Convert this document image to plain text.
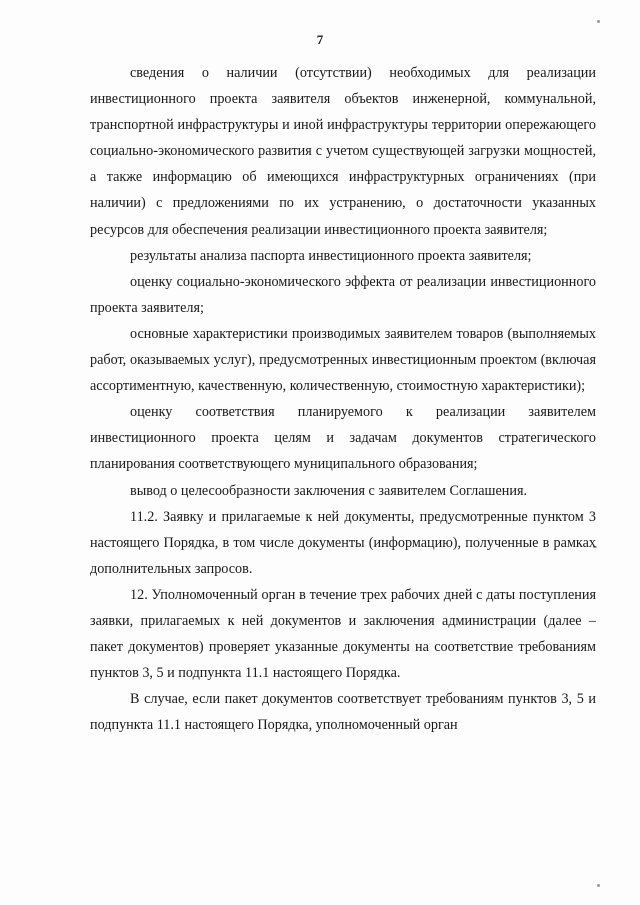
7

сведения о наличии (отсутствии) необходимых для реализации инвестиционного проекта заявителя объектов инженерной, коммунальной, транспортной инфраструктуры и иной инфраструктуры территории опережающего социально-экономического развития с учетом существующей загрузки мощностей, а также информацию об имеющихся инфраструктурных ограничениях (при наличии) с предложениями по их устранению, о достаточности указанных ресурсов для обеспечения реализации инвестиционного проекта заявителя;

результаты анализа паспорта инвестиционного проекта заявителя;

оценку социально-экономического эффекта от реализации инвестиционного проекта заявителя;

основные характеристики производимых заявителем товаров (выполняемых работ, оказываемых услуг), предусмотренных инвестиционным проектом (включая ассортиментную, качественную, количественную, стоимостную характеристики);

оценку соответствия планируемого к реализации заявителем инвестиционного проекта целям и задачам документов стратегического планирования соответствующего муниципального образования;

вывод о целесообразности заключения с заявителем Соглашения.

11.2. Заявку и прилагаемые к ней документы, предусмотренные пунктом 3 настоящего Порядка, в том числе документы (информацию), полученные в рамках дополнительных запросов.

12. Уполномоченный орган в течение трех рабочих дней с даты поступления заявки, прилагаемых к ней документов и заключения администрации (далее – пакет документов) проверяет указанные документы на соответствие требованиям пунктов 3, 5 и подпункта 11.1 настоящего Порядка.

В случае, если пакет документов соответствует требованиям пунктов 3, 5 и подпункта 11.1 настоящего Порядка, уполномоченный орган
